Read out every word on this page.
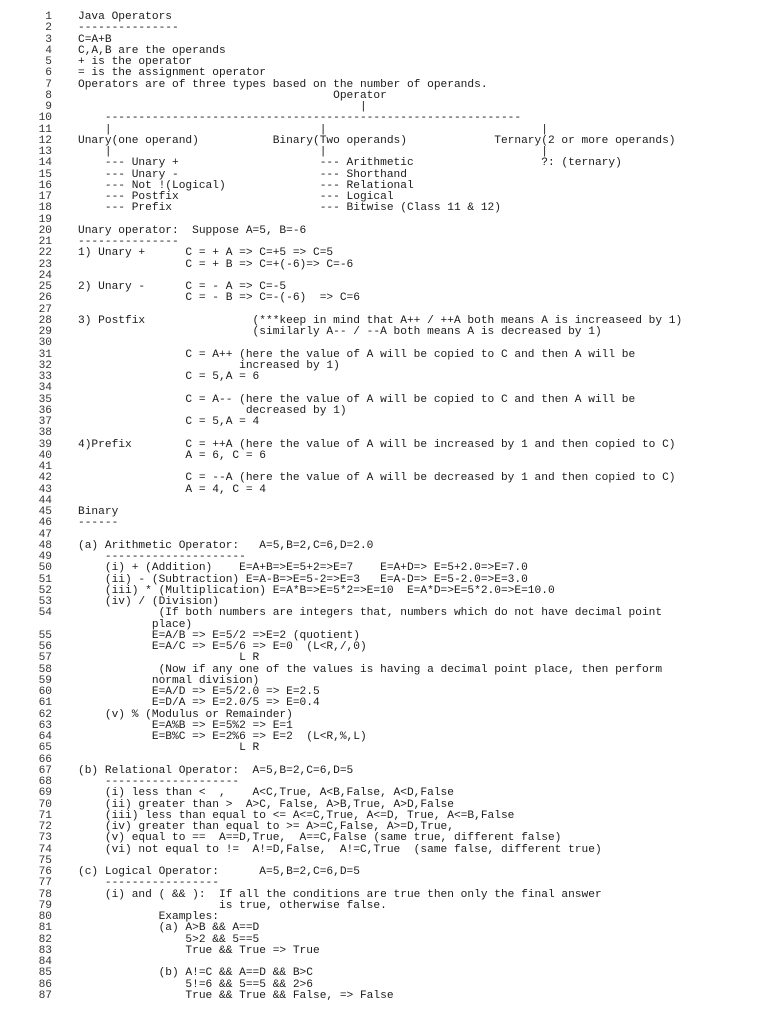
1 Java Operators
2 ---------------
3 C=A+B
4 C,A,B are the operands
5 + is the operator
6 = is the assignment operator
7 Operators are of three types based on the number of operands.
8 Operator
9 |
10 --------------------------------------------------------------
11 |                               |                                |
12 Unary(one operand)           Binary(Two operands)             Ternary(2 or more operands)
13 |                               |                                |
14 --- Unary +                     --- Arithmetic                   ?: (ternary)
15 --- Unary -                     --- Shorthand
16 --- Not !(Logical)              --- Relational
17 --- Postfix                     --- Logical
18 --- Prefix                      --- Bitwise (Class 11 & 12)
19
20 Unary operator:  Suppose A=5, B=-6
21 ---------------
22 1) Unary +      C = + A => C=+5 => C=5
23 C = + B => C=+(-6)=> C=-6
24
25 2) Unary -      C = - A => C=-5
26 C = - B => C=-(-6)  => C=6
27
28 3) Postfix                (***keep in mind that A++ / ++A both means A is increaseed by 1)
29 (similarly A-- / --A both means A is decreased by 1)
30
31 C = A++ (here the value of A will be copied to C and then A will be
32 increased by 1)
33 C = 5,A = 6
34
35 C = A-- (here the value of A will be copied to C and then A will be
36 decreased by 1)
37 C = 5,A = 4
38
39 4)Prefix        C = ++A (here the value of A will be increased by 1 and then copied to C)
40 A = 6, C = 6
41
42 C = --A (here the value of A will be decreased by 1 and then copied to C)
43 A = 4, C = 4
44
45 Binary
46 ------
47
48 (a) Arithmetic Operator:   A=5,B=2,C=6,D=2.0
49 ---------------------
50 (i) + (Addition)    E=A+B=>E=5+2=>E=7    E=A+D=> E=5+2.0=>E=7.0
51 (ii) - (Subtraction) E=A-B=>E=5-2=>E=3   E=A-D=> E=5-2.0=>E=3.0
52 (iii) * (Multiplication) E=A*B=>E=5*2=>E=10  E=A*D=>E=5*2.0=>E=10.0
53 (iv) / (Division)
54 (If both numbers are integers that, numbers which do not have decimal point
place)
55 E=A/B => E=5/2 =>E=2 (quotient)
56 E=A/C => E=5/6 => E=0  (L<R,/,0)
57 L R
58 (Now if any one of the values is having a decimal point place, then perform
59 normal division)
60 E=A/D => E=5/2.0 => E=2.5
61 E=D/A => E=2.0/5 => E=0.4
62 (v) % (Modulus or Remainder)
63 E=A%B => E=5%2 => E=1
64 E=B%C => E=2%6 => E=2  (L<R,%,L)
65 L R
66
67 (b) Relational Operator:  A=5,B=2,C=6,D=5
68 --------------------
69 (i) less than <  ,    A<C,True, A<B,False, A<D,False
70 (ii) greater than >  A>C, False, A>B,True, A>D,False
71 (iii) less than equal to <= A<=C,True, A<=D, True, A<=B,False
72 (iv) greater than equal to >= A>=C,False, A>=D,True,
73 (v) equal to ==  A==D,True,  A==C,False (same true, different false)
74 (vi) not equal to !=  A!=D,False,  A!=C,True  (same false, different true)
75
76 (c) Logical Operator:      A=5,B=2,C=6,D=5
77 -----------------
78 (i) and ( && ):  If all the conditions are true then only the final answer
79 is true, otherwise false.
80 Examples:
81 (a) A>B && A==D
82 5>2 && 5==5
83 True && True => True
84
85 (b) A!=C && A==D && B>C
86 5!=6 && 5==5 && 2>6
87 True && True && False, => False
